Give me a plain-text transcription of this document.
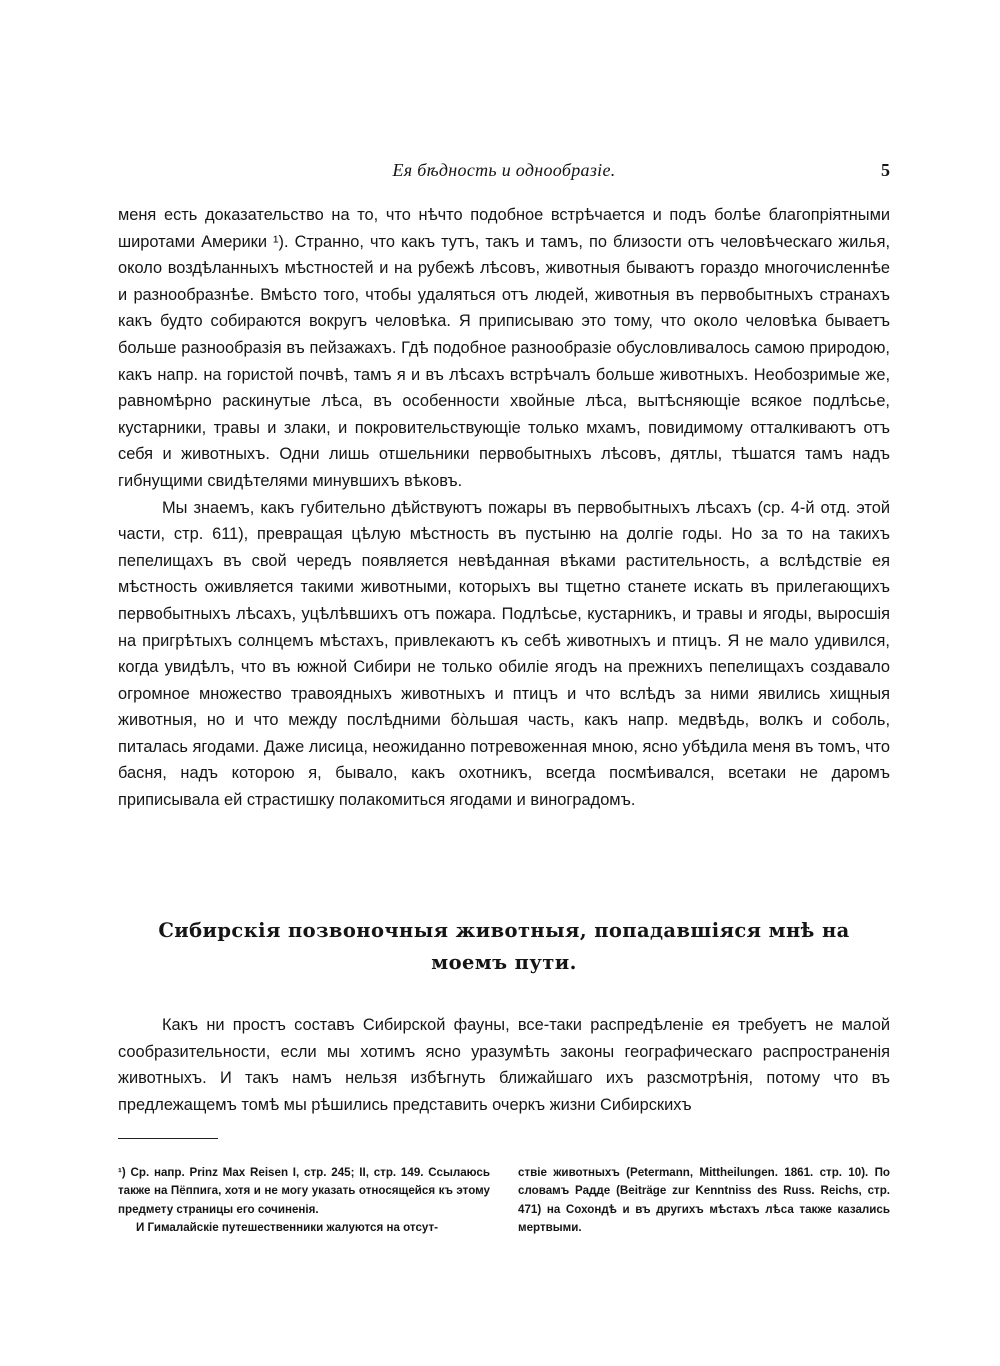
Ея бѣдность и однообразіе.	5

меня есть доказательство на то, что нѣчто подобное встрѣчается и подъ болѣе благопріятными широтами Америки ¹). Странно, что какъ тутъ, такъ и тамъ, по близости отъ человѣческаго жилья, около воздѣланныхъ мѣстностей и на рубежѣ лѣсовъ, животныя бываютъ гораздо многочисленнѣе и разнообразнѣе. Вмѣсто того, чтобы удаляться отъ людей, животныя въ первобытныхъ странахъ какъ будто собираются вокругъ человѣка. Я приписываю это тому, что около человѣка бываетъ больше разнообразія въ пейзажахъ. Гдѣ подобное разнообразіе обусловливалось самою природою, какъ напр. на гористой почвѣ, тамъ я и въ лѣсахъ встрѣчалъ больше животныхъ. Необозримые же, равномѣрно раскинутые лѣса, въ особенности хвойные лѣса, вытѣсняющіе всякое подлѣсье, кустарники, травы и злаки, и покровительствующіе только мхамъ, повидимому отталкиваютъ отъ себя и животныхъ. Одни лишь отшельники первобытныхъ лѣсовъ, дятлы, тѣшатся тамъ надъ гибнущими свидѣтелями минувшихъ вѣковъ.

Мы знаемъ, какъ губительно дѣйствуютъ пожары въ первобытныхъ лѣсахъ (ср. 4-й отд. этой части, стр. 611), превращая цѣлую мѣстность въ пустыню на долгіе годы. Но за то на такихъ пепелищахъ въ свой чередъ появляется невѣданная вѣками растительность, а вслѣдствіе ея мѣстность оживляется такими животными, которыхъ вы тщетно станете искать въ прилегающихъ первобытныхъ лѣсахъ, уцѣлѣвшихъ отъ пожара. Подлѣсье, кустарникъ, и травы и ягоды, выросшія на пригрѣтыхъ солнцемъ мѣстахъ, привлекаютъ къ себѣ животныхъ и птицъ. Я не мало удивился, когда увидѣлъ, что въ южной Сибири не только обиліе ягодъ на прежнихъ пепелищахъ создавало огромное множество травоядныхъ животныхъ и птицъ и что вслѣдъ за ними явились хищныя животныя, но и что между послѣдними бо̀льшая часть, какъ напр. медвѣдь, волкъ и соболь, питалась ягодами. Даже лисица, неожиданно потревоженная мною, ясно убѣдила меня въ томъ, что басня, надъ которою я, бывало, какъ охотникъ, всегда посмѣивался, всетаки не даромъ приписывала ей страстишку полакомиться ягодами и виноградомъ.

Сибирскія позвоночныя животныя, попадавшіяся мнѣ на моемъ пути.

Какъ ни простъ составъ Сибирской фауны, все-таки распредѣленіе ея требуетъ не малой сообразительности, если мы хотимъ ясно уразумѣть законы географическаго распространенія животныхъ. И такъ намъ нельзя избѣгнуть ближайшаго ихъ разсмотрѣнія, потому что въ предлежащемъ томѣ мы рѣшились представить очеркъ жизни Сибирскихъ

¹) Ср. напр. Prinz Max Reisen I, стр. 245; II, стр. 149. Ссылаюсь также на Пёппига, хотя и не могу указать относящейся къ этому предмету страницы его сочиненія.

И Гималайскіе путешественники жалуются на отсут-

ствіе животныхъ (Petermann, Mittheilungen. 1861. стр. 10). По словамъ Радде (Beiträge zur Kenntniss des Russ. Reichs, стр. 471) на Сохондѣ и въ другихъ мѣстахъ лѣса также казались мертвыми.
